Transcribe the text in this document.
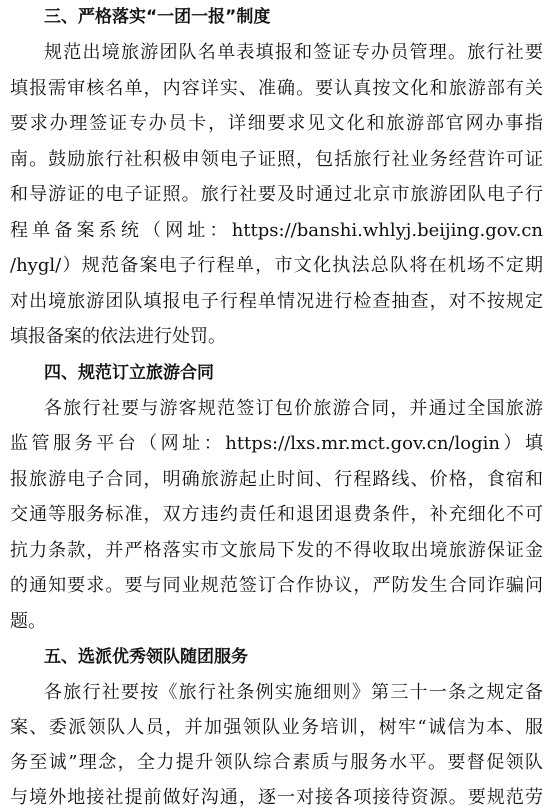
三、严格落实“一团一报”制度
规范出境旅游团队名单表填报和签证专办员管理。旅行社要
填报需审核名单，内容详实、准确。要认真按文化和旅游部有关
要求办理签证专办员卡，详细要求见文化和旅游部官网办事指
南。鼓励旅行社积极申领电子证照，包括旅行社业务经营许可证
和导游证的电子证照。旅行社要及时通过北京市旅游团队电子行
程单备案系统（网址：https://banshi.whlyj.beijing.gov.cn
/hygl/）规范备案电子行程单，市文化执法总队将在机场不定期
对出境旅游团队填报电子行程单情况进行检查抽查，对不按规定
填报备案的依法进行处罚。
四、规范订立旅游合同
各旅行社要与游客规范签订包价旅游合同，并通过全国旅游
监管服务平台（网址：https://lxs.mr.mct.gov.cn/login）填
报旅游电子合同，明确旅游起止时间、行程路线、价格，食宿和
交通等服务标准，双方违约责任和退团退费条件，补充细化不可
抗力条款，并严格落实市文旅局下发的不得收取出境旅游保证金
的通知要求。要与同业规范签订合作协议，严防发生合同诈骗问
题。
五、选派优秀领队随团服务
各旅行社要按《旅行社条例实施细则》第三十一条之规定备
案、委派领队人员，并加强领队业务培训，树牢“诚信为本、服
务至诚”理念，全力提升领队综合素质与服务水平。要督促领队
与境外地接社提前做好沟通，逐一对接各项接待资源。要规范劳
